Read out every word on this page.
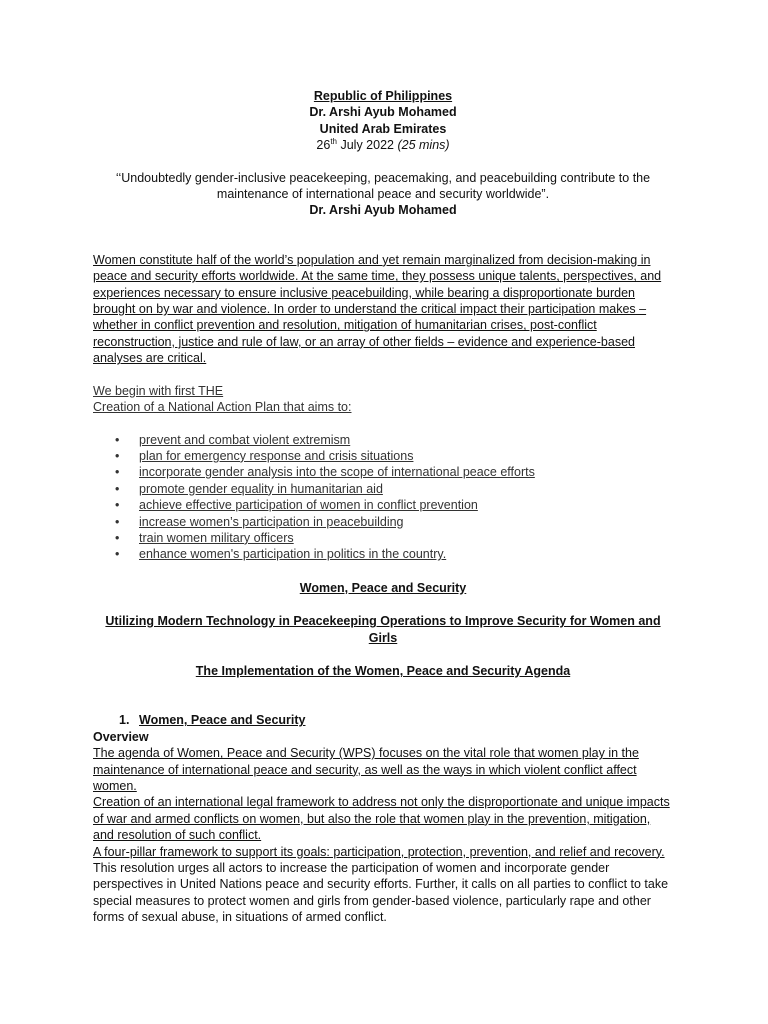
Republic of Philippines
Dr. Arshi Ayub Mohamed
United Arab Emirates
26th July 2022 (25 mins)

‘‘Undoubtedly gender-inclusive peacekeeping, peacemaking, and peacebuilding contribute to the maintenance of international peace and security worldwide”.

Dr. Arshi Ayub Mohamed

Women constitute half of the world’s population and yet remain marginalized from decision-making in peace and security efforts worldwide. At the same time, they possess unique talents, perspectives, and experiences necessary to ensure inclusive peacebuilding, while bearing a disproportionate burden brought on by war and violence. In order to understand the critical impact their participation makes – whether in conflict prevention and resolution, mitigation of humanitarian crises, post-conflict reconstruction, justice and rule of law, or an array of other fields – evidence and experience-based analyses are critical.

We begin with first THE
Creation of a National Action Plan that aims to:
• prevent and combat violent extremism
• plan for emergency response and crisis situations
• incorporate gender analysis into the scope of international peace efforts
• promote gender equality in humanitarian aid
• achieve effective participation of women in conflict prevention
• increase women’s participation in peacebuilding
• train women military officers
• enhance women's participation in politics in the country.

Women, Peace and Security

Utilizing Modern Technology in Peacekeeping Operations to Improve Security for Women and Girls

The Implementation of the Women, Peace and Security Agenda

1. Women, Peace and Security

Overview

The agenda of Women, Peace and Security (WPS) focuses on the vital role that women play in the maintenance of international peace and security, as well as the ways in which violent conflict affect women.

Creation of an international legal framework to address not only the disproportionate and unique impacts of war and armed conflicts on women, but also the role that women play in the prevention, mitigation, and resolution of such conflict.

A four-pillar framework to support its goals: participation, protection, prevention, and relief and recovery. This resolution urges all actors to increase the participation of women and incorporate gender perspectives in United Nations peace and security efforts. Further, it calls on all parties to conflict to take special measures to protect women and girls from gender-based violence, particularly rape and other forms of sexual abuse, in situations of armed conflict.
